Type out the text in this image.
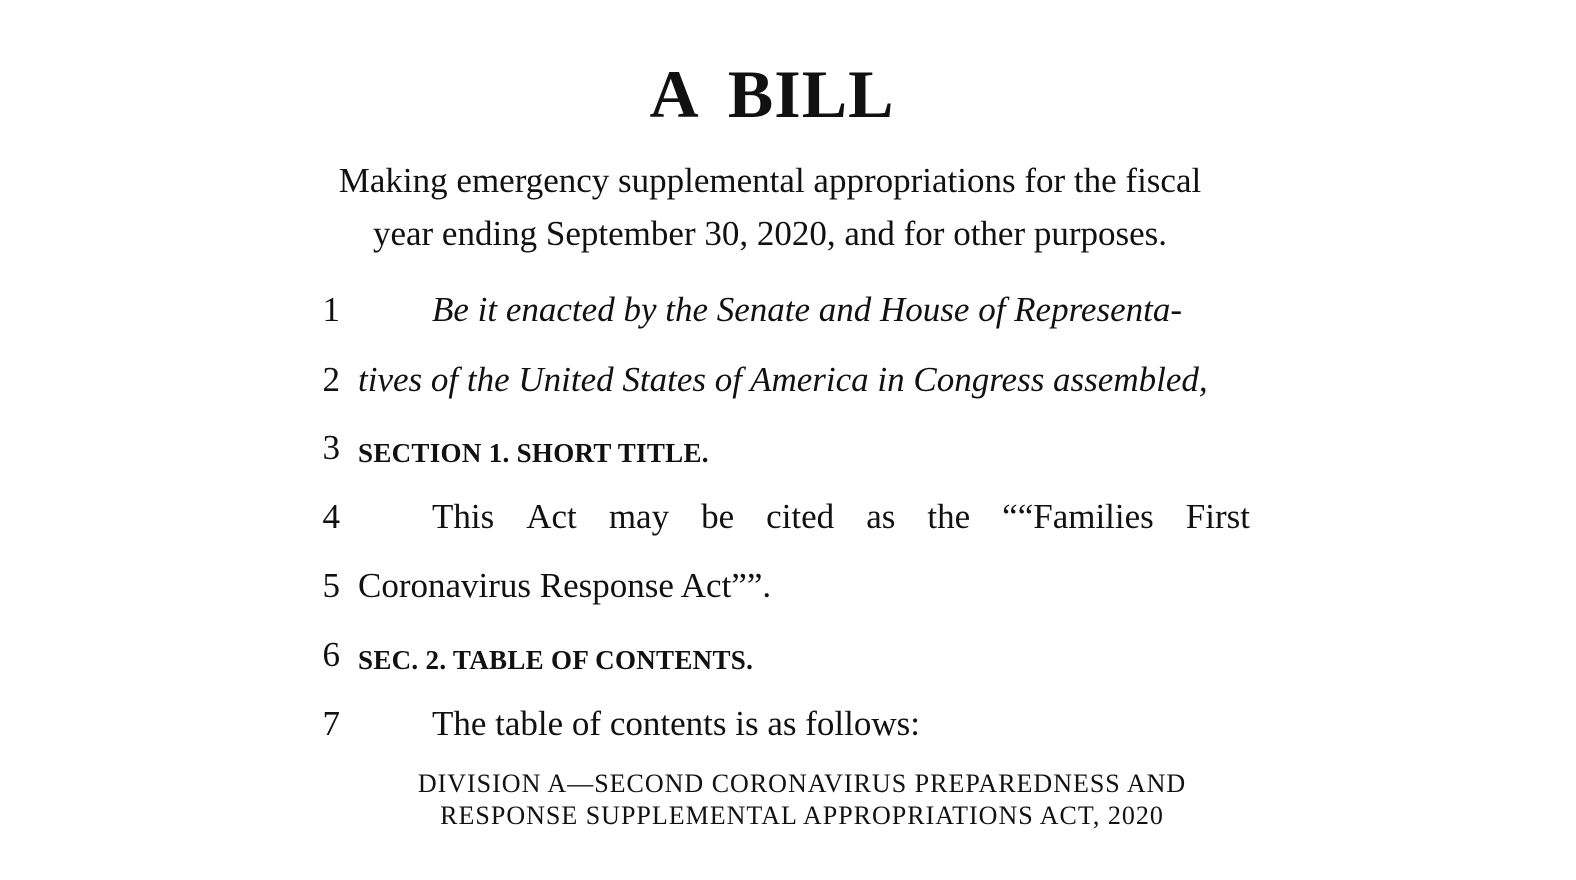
A BILL
Making emergency supplemental appropriations for the fiscal
year ending September 30, 2020, and for other purposes.
1	Be it enacted by the Senate and House of Representa-
2 tives of the United States of America in Congress assembled,
3 SECTION 1. SHORT TITLE.
4	This Act may be cited as the ““Families First
5 Coronavirus Response Act””.
6 SEC. 2. TABLE OF CONTENTS.
7	The table of contents is as follows:
DIVISION A—SECOND CORONAVIRUS PREPAREDNESS AND
RESPONSE SUPPLEMENTAL APPROPRIATIONS ACT, 2020
